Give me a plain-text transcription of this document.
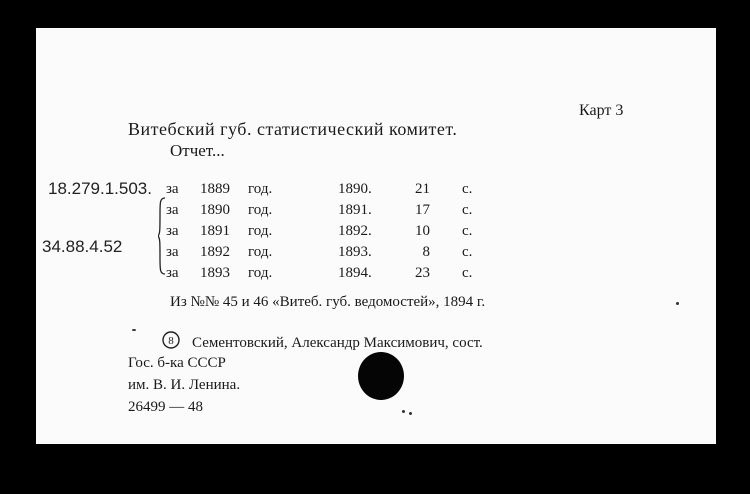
Карт 3
Витебский губ. статистический комитет.
Отчет...
18.279.1.503.
34.88.4.52
за 1889 год.	1890.	21 с.
за 1890 год.	1891.	17 с.
за 1891 год.	1892.	10 с.
за 1892 год.	1893.	8 с.
за 1893 год.	1894.	23 с.
Из №№ 45 и 46 «Витеб. губ. ведомостей», 1894 г.
8 Сементовский, Александр Максимович, сост.
Гос. б-ка СССР
им. В. И. Ленина.
26499 — 48
